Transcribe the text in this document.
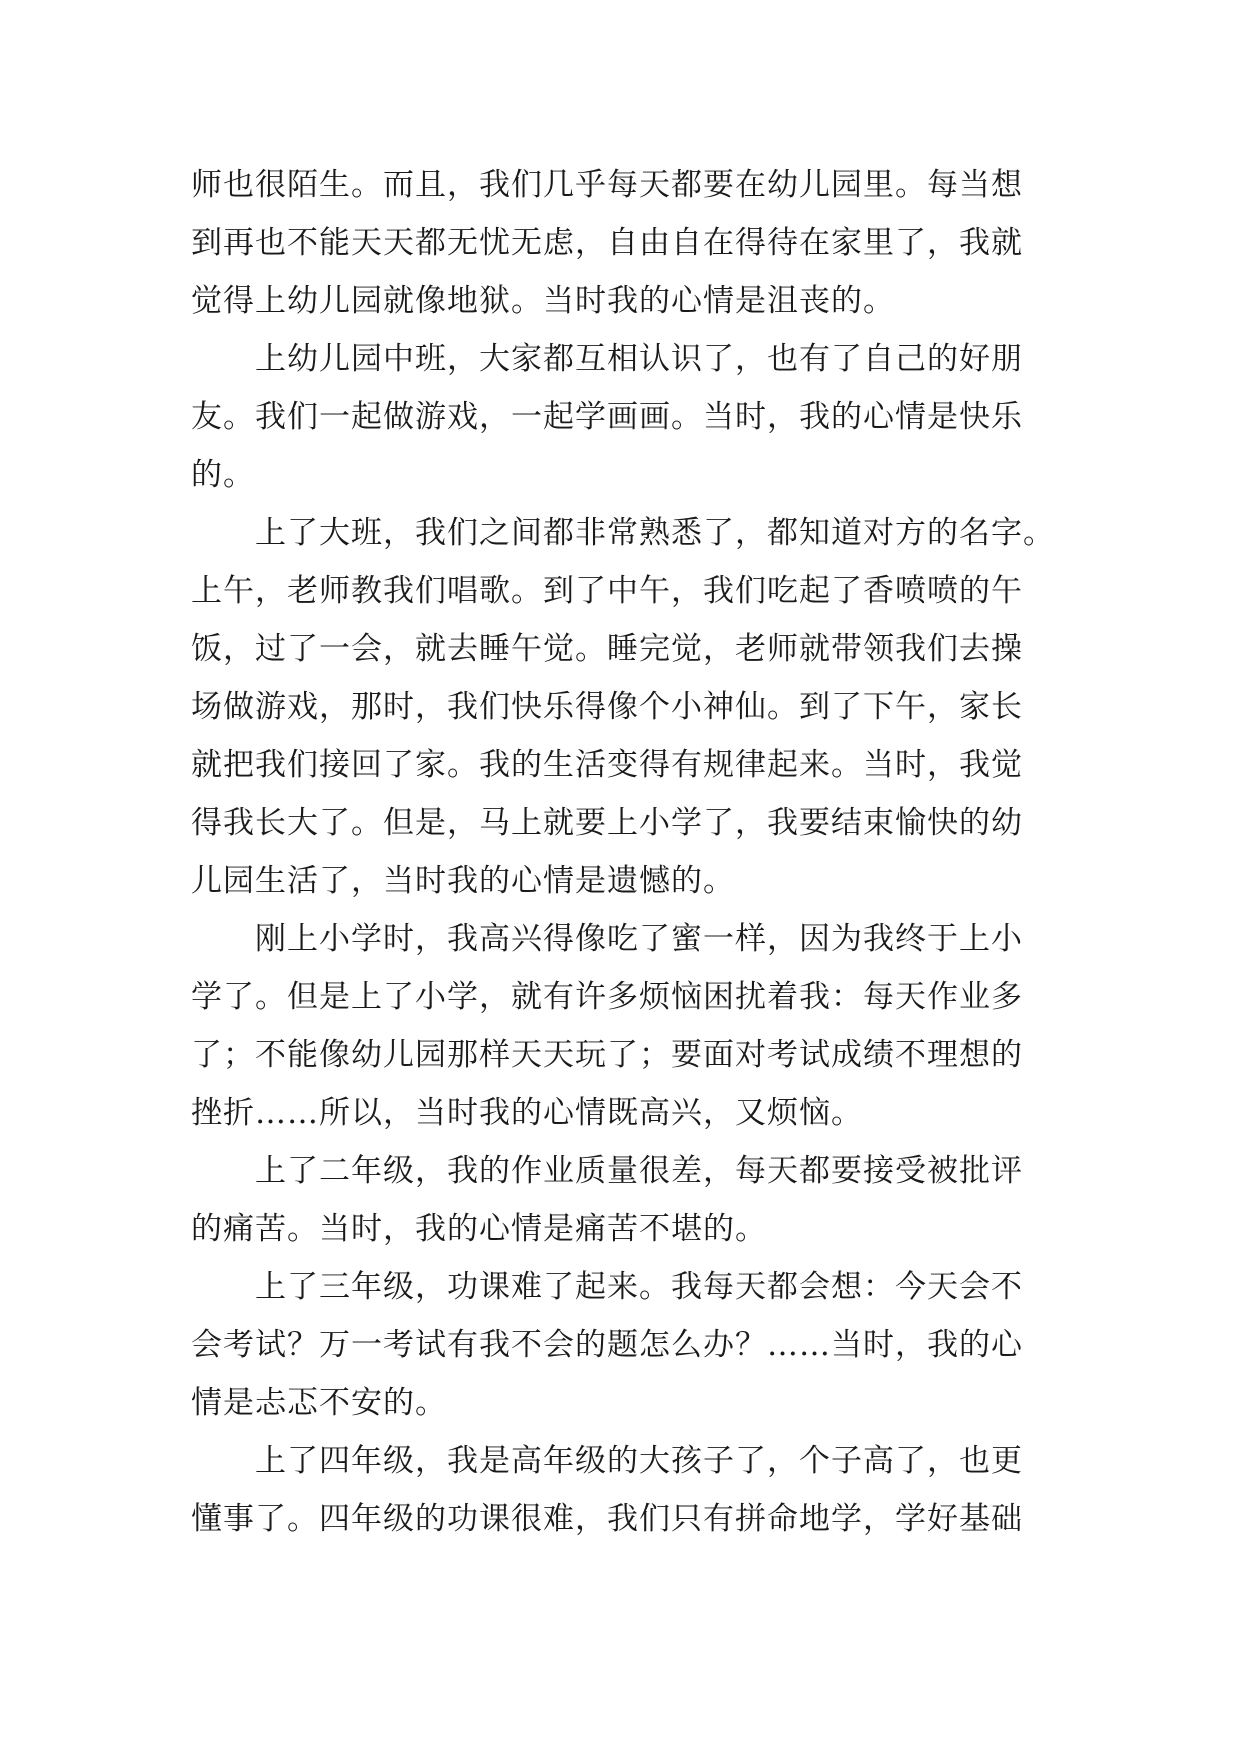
师也很陌生。而且，我们几乎每天都要在幼儿园里。每当想
到再也不能天天都无忧无虑，自由自在得待在家里了，我就
觉得上幼儿园就像地狱。当时我的心情是沮丧的。
上幼儿园中班，大家都互相认识了，也有了自己的好朋
友。我们一起做游戏，一起学画画。当时，我的心情是快乐
的。
上了大班，我们之间都非常熟悉了，都知道对方的名字。
上午，老师教我们唱歌。到了中午，我们吃起了香喷喷的午
饭，过了一会，就去睡午觉。睡完觉，老师就带领我们去操
场做游戏，那时，我们快乐得像个小神仙。到了下午，家长
就把我们接回了家。我的生活变得有规律起来。当时，我觉
得我长大了。但是，马上就要上小学了，我要结束愉快的幼
儿园生活了，当时我的心情是遗憾的。
刚上小学时，我高兴得像吃了蜜一样，因为我终于上小
学了。但是上了小学，就有许多烦恼困扰着我：每天作业多
了；不能像幼儿园那样天天玩了；要面对考试成绩不理想的
挫折……所以，当时我的心情既高兴，又烦恼。
上了二年级，我的作业质量很差，每天都要接受被批评
的痛苦。当时，我的心情是痛苦不堪的。
上了三年级，功课难了起来。我每天都会想：今天会不
会考试？万一考试有我不会的题怎么办？……当时，我的心
情是忐忑不安的。
上了四年级，我是高年级的大孩子了，个子高了，也更
懂事了。四年级的功课很难，我们只有拼命地学，学好基础
